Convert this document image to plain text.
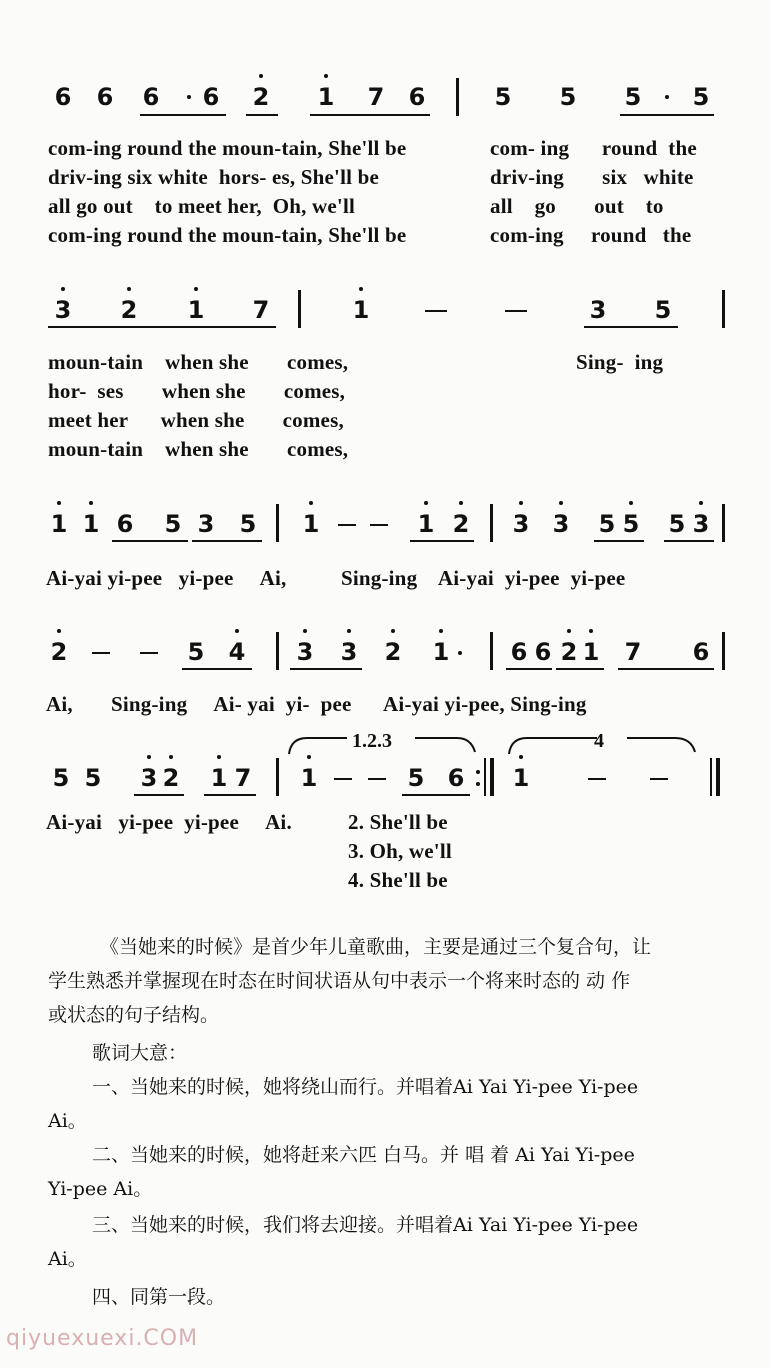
6 6 6 6 2 1 7 6	5 5 5 5
com-ing round the moun-tain, She'll be
driv-ing six white  hors- es, She'll be
all go out    to meet her,  Oh, we'll
com-ing round the moun-tain, She'll be
com- ing      round  the
driv-ing       six   white
all    go       out    to
com-ing     round   the
3 2 1 7	1	3 5
moun-tain    when she       comes,
hor-  ses       when she       comes,
meet her      when she       comes,
moun-tain    when she       comes,
Sing-  ing
1 1 6 5 3 5 1	1 2 3 3 5 5 5 3
Ai-yai yi-pee   yi-pee     Ai,          Sing-ing    Ai-yai  yi-pee  yi-pee
2	5 4 3 3 2 1	6 6 2 1 7 6
Ai,       Sing-ing     Ai- yai  yi-  pee      Ai-yai yi-pee, Sing-ing
1.2.3	4
5 5 3 2 1 7 1	5 6 1
Ai-yai   yi-pee  yi-pee     Ai.	2. She'll be
3. Oh, we'll
4. She'll be
《当她来的时候》是首少年儿童歌曲，主要是通过三个复合句，让
学生熟悉并掌握现在时态在时间状语从句中表示一个将来时态的 动 作
或状态的句子结构。
歌词大意：
一、当她来的时候，她将绕山而行。并唱着Ai Yai Yi-pee Yi-pee
Ai。
二、当她来的时候，她将赶来六匹 白马。并 唱 着 Ai Yai Yi-pee
Yi-pee Ai。
三、当她来的时候，我们将去迎接。并唱着Ai Yai Yi-pee Yi-pee
Ai。
四、同第一段。
qiyuexuexi.COM
